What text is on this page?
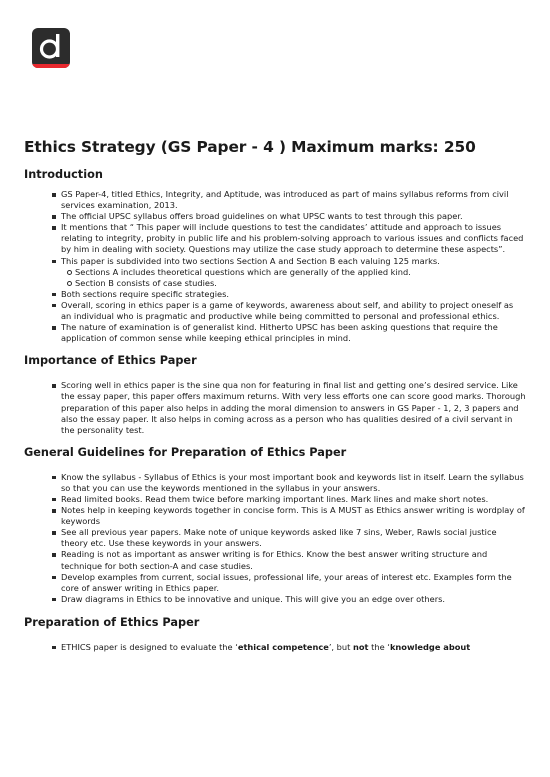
Ethics Strategy (GS Paper - 4 ) Maximum marks: 250
Introduction
GS Paper-4, titled Ethics, Integrity, and Aptitude, was introduced as part of mains syllabus reforms from civil services examination, 2013.
The official UPSC syllabus offers broad guidelines on what UPSC wants to test through this paper.
It mentions that “ This paper will include questions to test the candidates’ attitude and approach to issues relating to integrity, probity in public life and his problem-solving approach to various issues and conflicts faced by him in dealing with society. Questions may utilize the case study approach to determine these aspects”.
This paper is subdivided into two sections Section A and Section B each valuing 125 marks.
Sections A includes theoretical questions which are generally of the applied kind.
Section B consists of case studies.
Both sections require specific strategies.
Overall, scoring in ethics paper is a game of keywords, awareness about self, and ability to project oneself as an individual who is pragmatic and productive while being committed to personal and professional ethics.
The nature of examination is of generalist kind. Hitherto UPSC has been asking questions that require the application of common sense while keeping ethical principles in mind.
Importance of Ethics Paper
Scoring well in ethics paper is the sine qua non for featuring in final list and getting one’s desired service. Like the essay paper, this paper offers maximum returns. With very less efforts one can score good marks. Thorough preparation of this paper also helps in adding the moral dimension to answers in GS Paper - 1, 2, 3 papers and also the essay paper. It also helps in coming across as a person who has qualities desired of a civil servant in the personality test.
General Guidelines for Preparation of Ethics Paper
Know the syllabus - Syllabus of Ethics is your most important book and keywords list in itself. Learn the syllabus so that you can use the keywords mentioned in the syllabus in your answers.
Read limited books. Read them twice before marking important lines. Mark lines and make short notes.
Notes help in keeping keywords together in concise form. This is A MUST as Ethics answer writing is wordplay of keywords
See all previous year papers. Make note of unique keywords asked like 7 sins, Weber, Rawls social justice theory etc. Use these keywords in your answers.
Reading is not as important as answer writing is for Ethics. Know the best answer writing structure and technique for both section-A and case studies.
Develop examples from current, social issues, professional life, your areas of interest etc. Examples form the core of answer writing in Ethics paper.
Draw diagrams in Ethics to be innovative and unique. This will give you an edge over others.
Preparation of Ethics Paper
ETHICS paper is designed to evaluate the ‘ethical competence’, but not the ‘knowledge about
